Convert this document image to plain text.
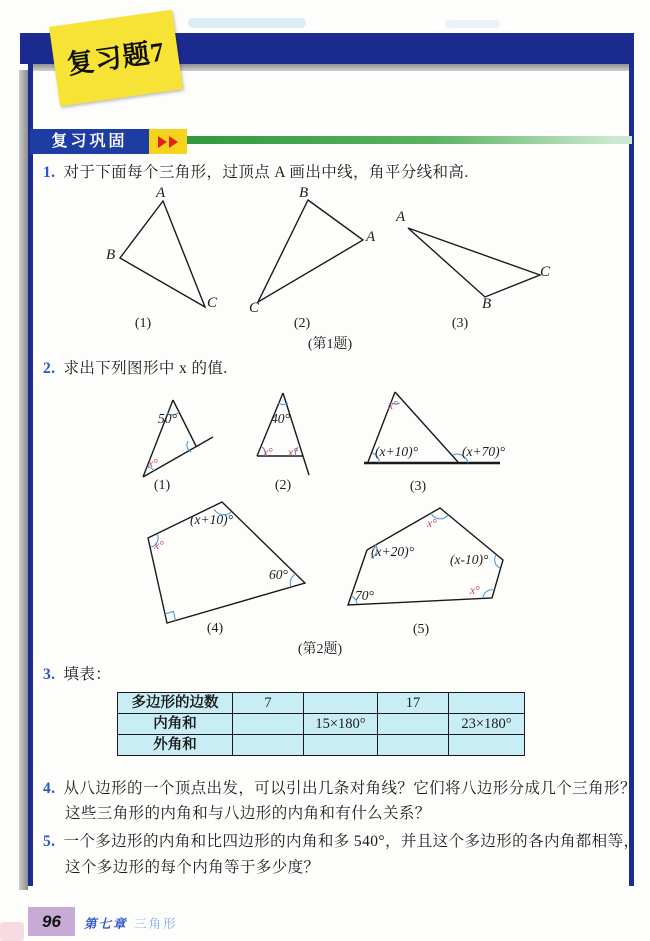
复习题7
复习巩固
1. 对于下面每个三角形，过顶点 A 画出中线，角平分线和高.
A
B
C
B
A
C
A
C
B
(1)	(2)	(3)
(第1题)
2. 求出下列图形中 x 的值.
50°
x°
40°
x° x°
x°
(x+10)°	(x+70)°
(1)	(2)	(3)
(x+10)°
x°
60°
x°
(x+20)°
(x-10)°
x°
70°
(4)	(5)
(第2题)
3. 填表：
多边形的边数	7		17	
内角和		15×180°		23×180°
外角和				
4. 从八边形的一个顶点出发，可以引出几条对角线？它们将八边形分成几个三角形？
这些三角形的内角和与八边形的内角和有什么关系？
5. 一个多边形的内角和比四边形的内角和多 540°，并且这个多边形的各内角都相等，
这个多边形的每个内角等于多少度？
96	第七章 三角形
